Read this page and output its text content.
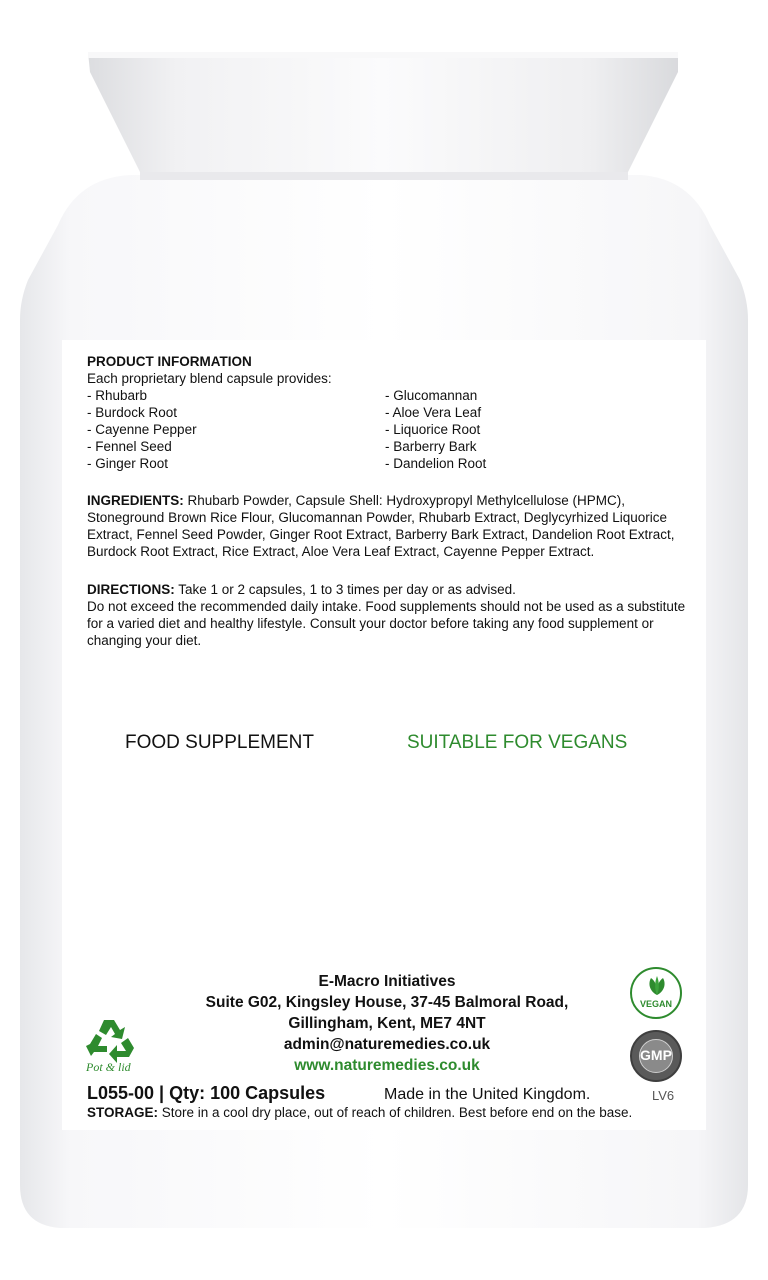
PRODUCT INFORMATION
Each proprietary blend capsule provides:
- Rhubarb
- Burdock Root
- Cayenne Pepper
- Fennel Seed
- Ginger Root
- Glucomannan
- Aloe Vera Leaf
- Liquorice Root
- Barberry Bark
- Dandelion Root
INGREDIENTS: Rhubarb Powder, Capsule Shell: Hydroxypropyl Methylcellulose (HPMC), Stoneground Brown Rice Flour, Glucomannan Powder, Rhubarb Extract, Deglycyrhized Liquorice Extract, Fennel Seed Powder, Ginger Root Extract, Barberry Bark Extract, Dandelion Root Extract, Burdock Root Extract, Rice Extract, Aloe Vera Leaf Extract, Cayenne Pepper Extract.
DIRECTIONS: Take 1 or 2 capsules, 1 to 3 times per day or as advised.
Do not exceed the recommended daily intake. Food supplements should not be used as a substitute for a varied diet and healthy lifestyle. Consult your doctor before taking any food supplement or changing your diet.
FOOD SUPPLEMENT	SUITABLE FOR VEGANS
E-Macro Initiatives
Suite G02, Kingsley House, 37-45 Balmoral Road,
Gillingham, Kent, ME7 4NT
admin@naturemedies.co.uk
www.naturemedies.co.uk
Pot & lid
VEGAN
GMP
L055-00 | Qty: 100 Capsules	Made in the United Kingdom.	LV6
STORAGE: Store in a cool dry place, out of reach of children. Best before end on the base.
